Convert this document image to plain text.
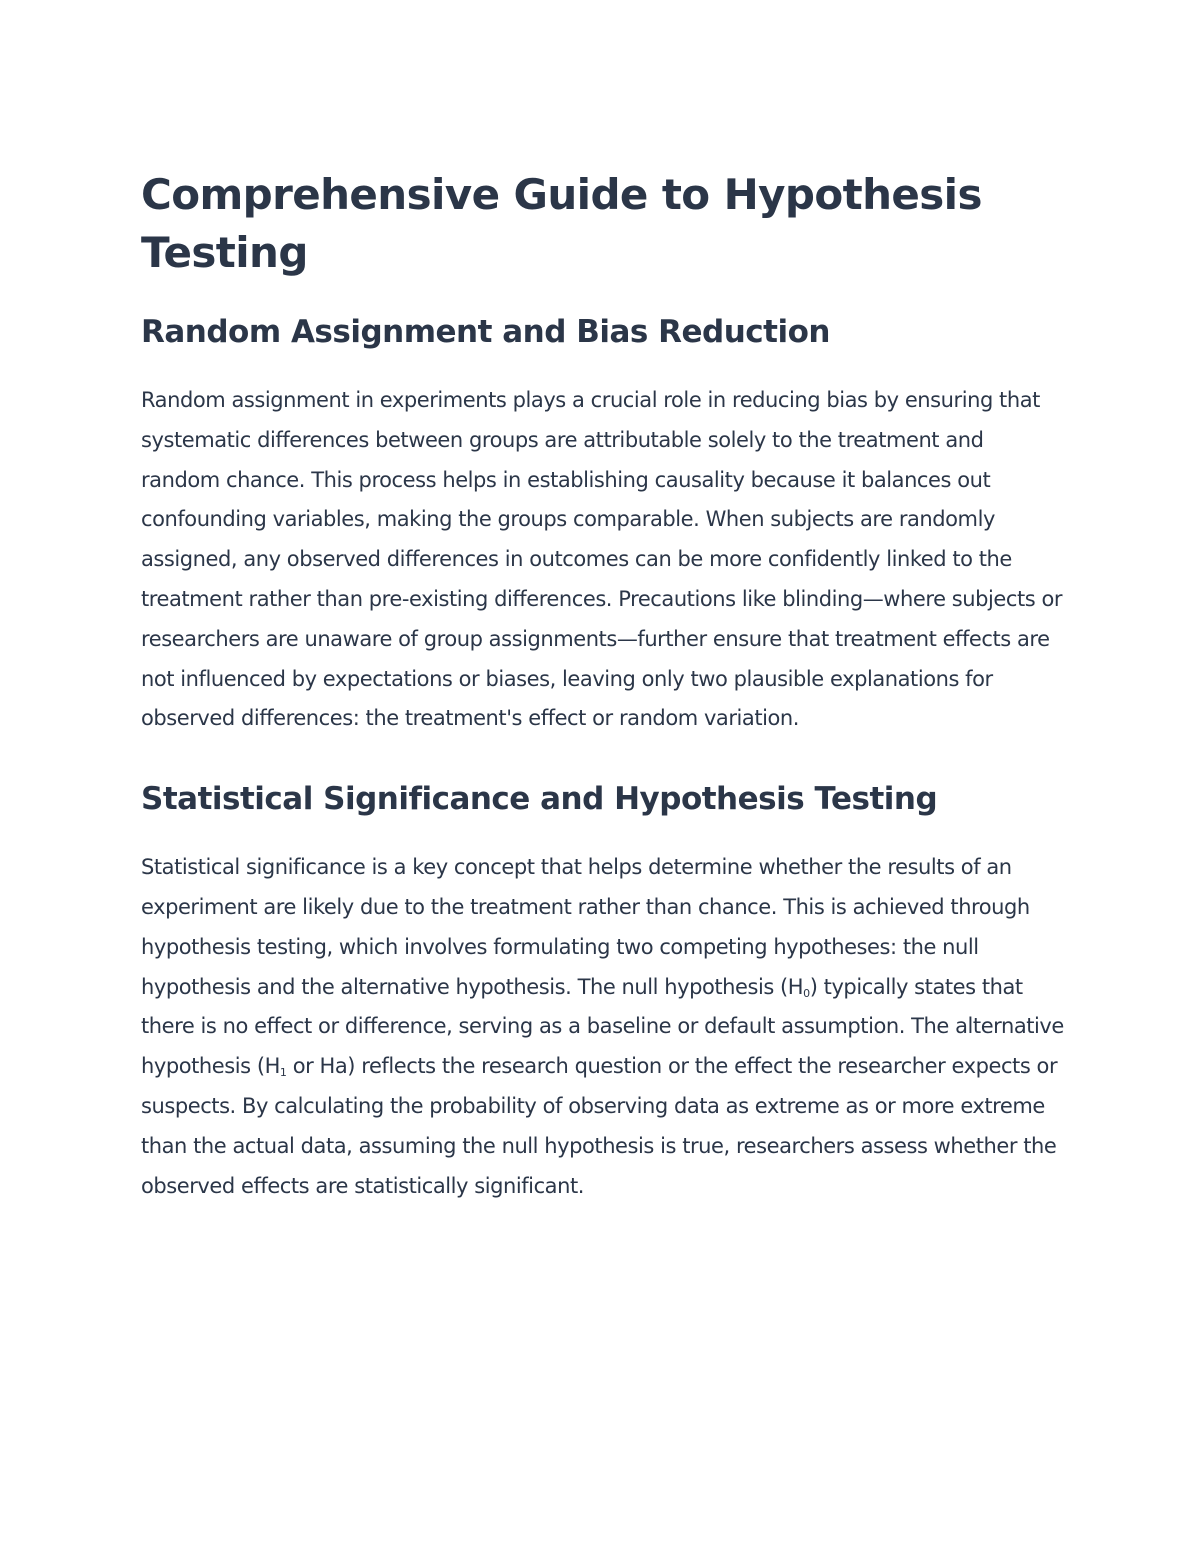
Comprehensive Guide to Hypothesis Testing
Random Assignment and Bias Reduction

Random assignment in experiments plays a crucial role in reducing bias by ensuring that systematic differences between groups are attributable solely to the treatment and random chance. This process helps in establishing causality because it balances out confounding variables, making the groups comparable. When subjects are randomly assigned, any observed differences in outcomes can be more confidently linked to the treatment rather than pre-existing differences. Precautions like blinding—where subjects or researchers are unaware of group assignments—further ensure that treatment effects are not influenced by expectations or biases, leaving only two plausible explanations for observed differences: the treatment's effect or random variation.

Statistical Significance and Hypothesis Testing

Statistical significance is a key concept that helps determine whether the results of an experiment are likely due to the treatment rather than chance. This is achieved through hypothesis testing, which involves formulating two competing hypotheses: the null hypothesis and the alternative hypothesis. The null hypothesis $(H_0)$ typically states that there is no effect or difference, serving as a baseline or default assumption. The alternative hypothesis ($H_1$ or Ha) reflects the research question or the effect the researcher expects or suspects. By calculating the probability of observing data as extreme as or more extreme than the actual data, assuming the null hypothesis is true, researchers assess whether the observed effects are statistically significant.
